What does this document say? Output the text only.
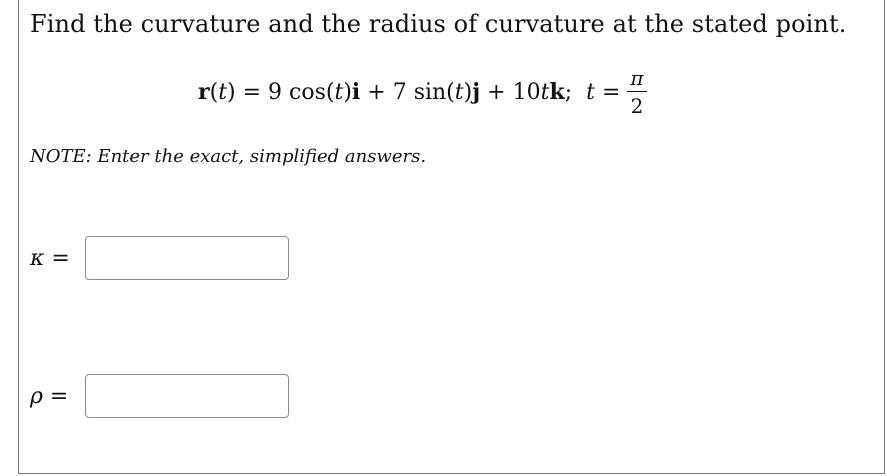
Find the curvature and the radius of curvature at the stated point.
r ( t ) = 9 cos( t ) i + 7 sin( t ) j + 10 t k ; $t = \frac{\pi}{2}$
NOTE: Enter the exact, simplified answers.
κ =
ρ =
